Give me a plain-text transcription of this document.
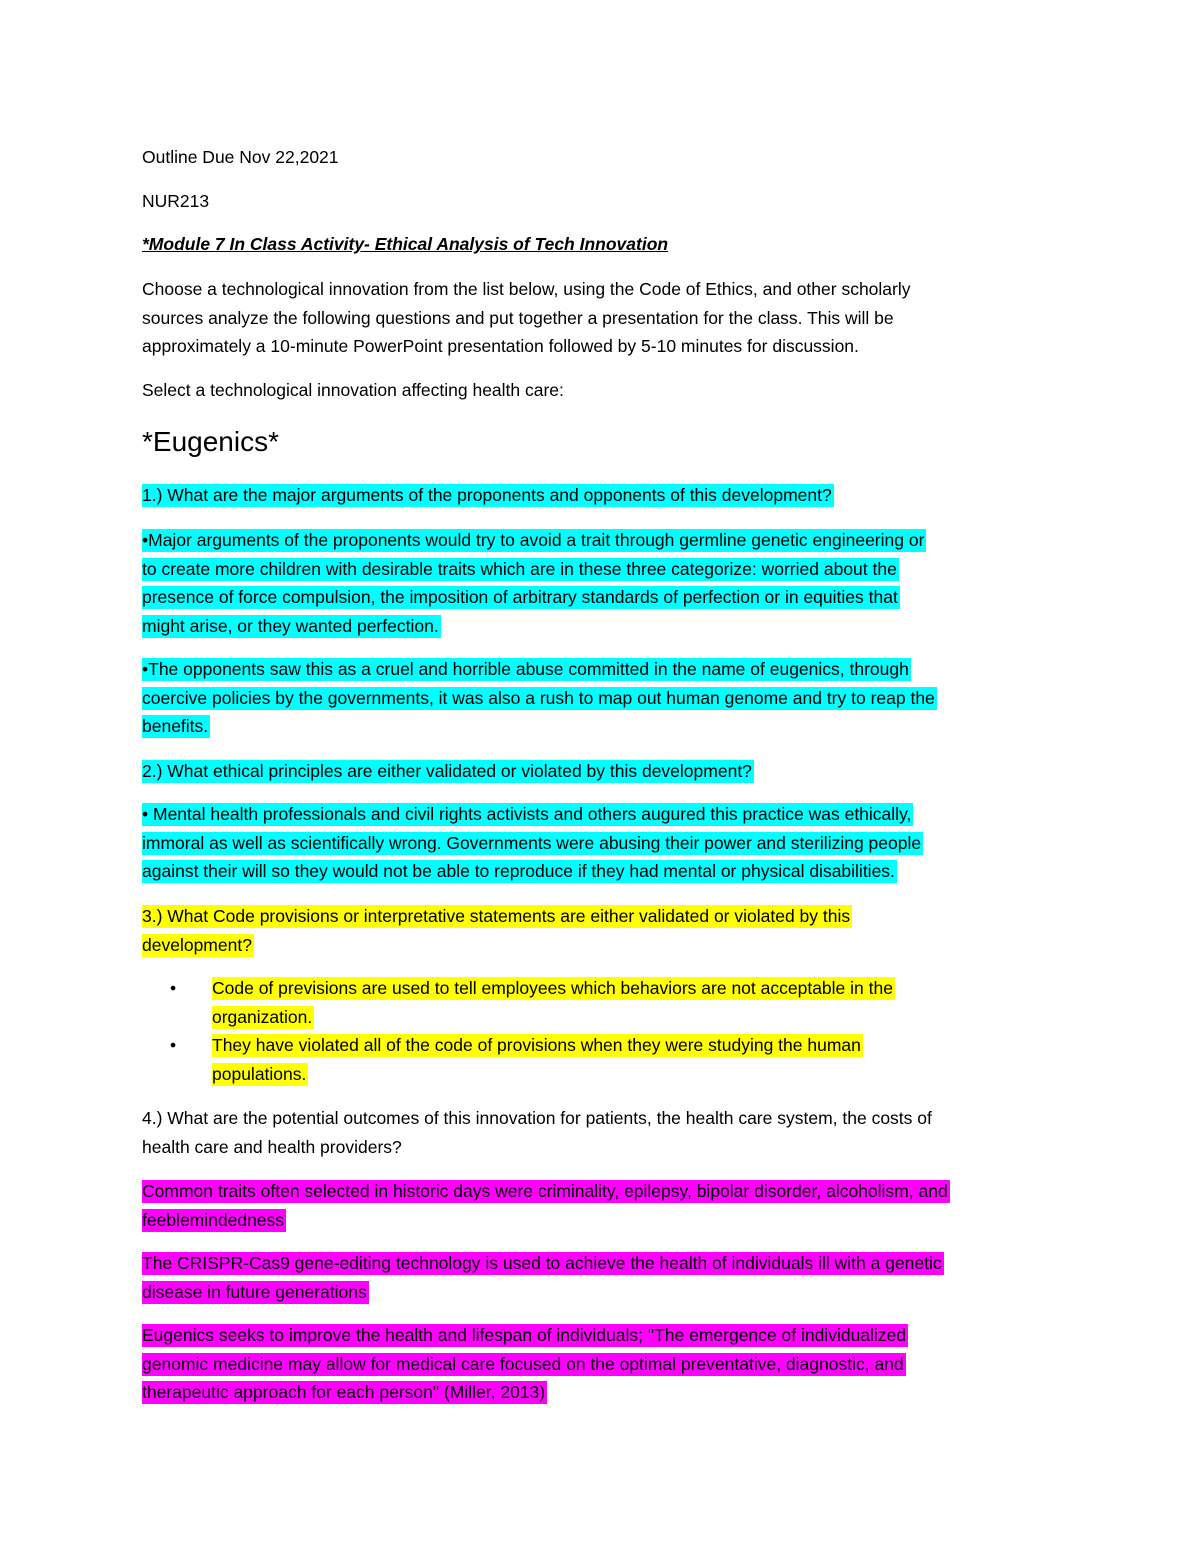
Outline Due Nov 22,2021

NUR213

*Module 7 In Class Activity- Ethical Analysis of Tech Innovation

Choose a technological innovation from the list below, using the Code of Ethics, and other scholarly
sources analyze the following questions and put together a presentation for the class. This will be
approximately a 10-minute PowerPoint presentation followed by 5-10 minutes for discussion.

Select a technological innovation affecting health care:

*Eugenics*

1.) What are the major arguments of the proponents and opponents of this development?
•Major arguments of the proponents would try to avoid a trait through germline genetic engineering or
to create more children with desirable traits which are in these three categorize: worried about the
presence of force compulsion, the imposition of arbitrary standards of perfection or in equities that
might arise, or they wanted perfection.
•The opponents saw this as a cruel and horrible abuse committed in the name of eugenics, through
coercive policies by the governments, it was also a rush to map out human genome and try to reap the
benefits.
2.) What ethical principles are either validated or violated by this development?
• Mental health professionals and civil rights activists and others augured this practice was ethically,
immoral as well as scientifically wrong. Governments were abusing their power and sterilizing people
against their will so they would not be able to reproduce if they had mental or physical disabilities.
3.) What Code provisions or interpretative statements are either validated or violated by this
development?
• Code of previsions are used to tell employees which behaviors are not acceptable in the
organization.
• They have violated all of the code of provisions when they were studying the human
populations.
4.) What are the potential outcomes of this innovation for patients, the health care system, the costs of
health care and health providers?
Common traits often selected in historic days were criminality, epilepsy, bipolar disorder, alcoholism, and
feeblemindedness
The CRISPR-Cas9 gene-editing technology is used to achieve the health of individuals ill with a genetic
disease in future generations
Eugenics seeks to improve the health and lifespan of individuals; "The emergence of individualized
genomic medicine may allow for medical care focused on the optimal preventative, diagnostic, and
therapeutic approach for each person" (Miller, 2013)
